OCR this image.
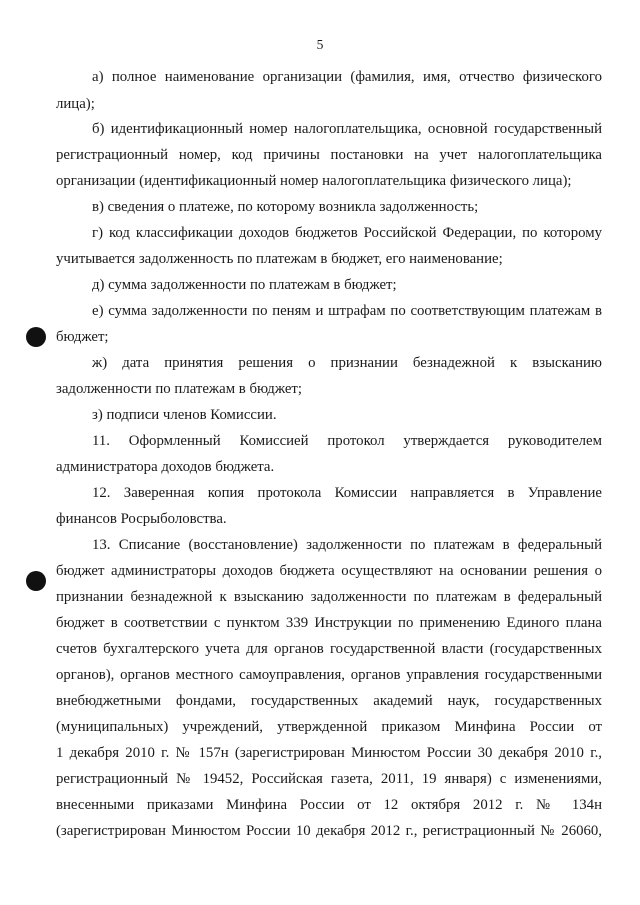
5
а) полное наименование организации (фамилия, имя, отчество физического
лица);
б) идентификационный номер налогоплательщика, основной государственный
регистрационный номер, код причины постановки на учет налогоплательщика
организации (идентификационный номер налогоплательщика физического лица);
в) сведения о платеже, по которому возникла задолженность;
г) код классификации доходов бюджетов Российской Федерации, по которому
учитывается задолженность по платежам в бюджет, его наименование;
д) сумма задолженности по платежам в бюджет;
е) сумма задолженности по пеням и штрафам по соответствующим платежам в
бюджет;
ж) дата принятия решения о признании безнадежной к взысканию
задолженности по платежам в бюджет;
з) подписи членов Комиссии.
11. Оформленный Комиссией протокол утверждается руководителем
администратора доходов бюджета.
12. Заверенная копия протокола Комиссии направляется в Управление
финансов Росрыболовства.
13. Списание (восстановление) задолженности по платежам в федеральный
бюджет администраторы доходов бюджета осуществляют на основании решения о
признании безнадежной к взысканию задолженности по платежам в федеральный
бюджет в соответствии с пунктом 339 Инструкции по применению Единого плана
счетов бухгалтерского учета для органов государственной власти (государственных
органов), органов местного самоуправления, органов управления государственными
внебюджетными фондами, государственных академий наук, государственных
(муниципальных) учреждений, утвержденной приказом Минфина России от
1 декабря 2010 г. № 157н (зарегистрирован Минюстом России 30 декабря 2010 г.,
регистрационный № 19452, Российская газета, 2011, 19 января) с изменениями,
внесенными приказами Минфина России от 12 октября 2012 г. № 134н
(зарегистрирован Минюстом России 10 декабря 2012 г., регистрационный № 26060,
